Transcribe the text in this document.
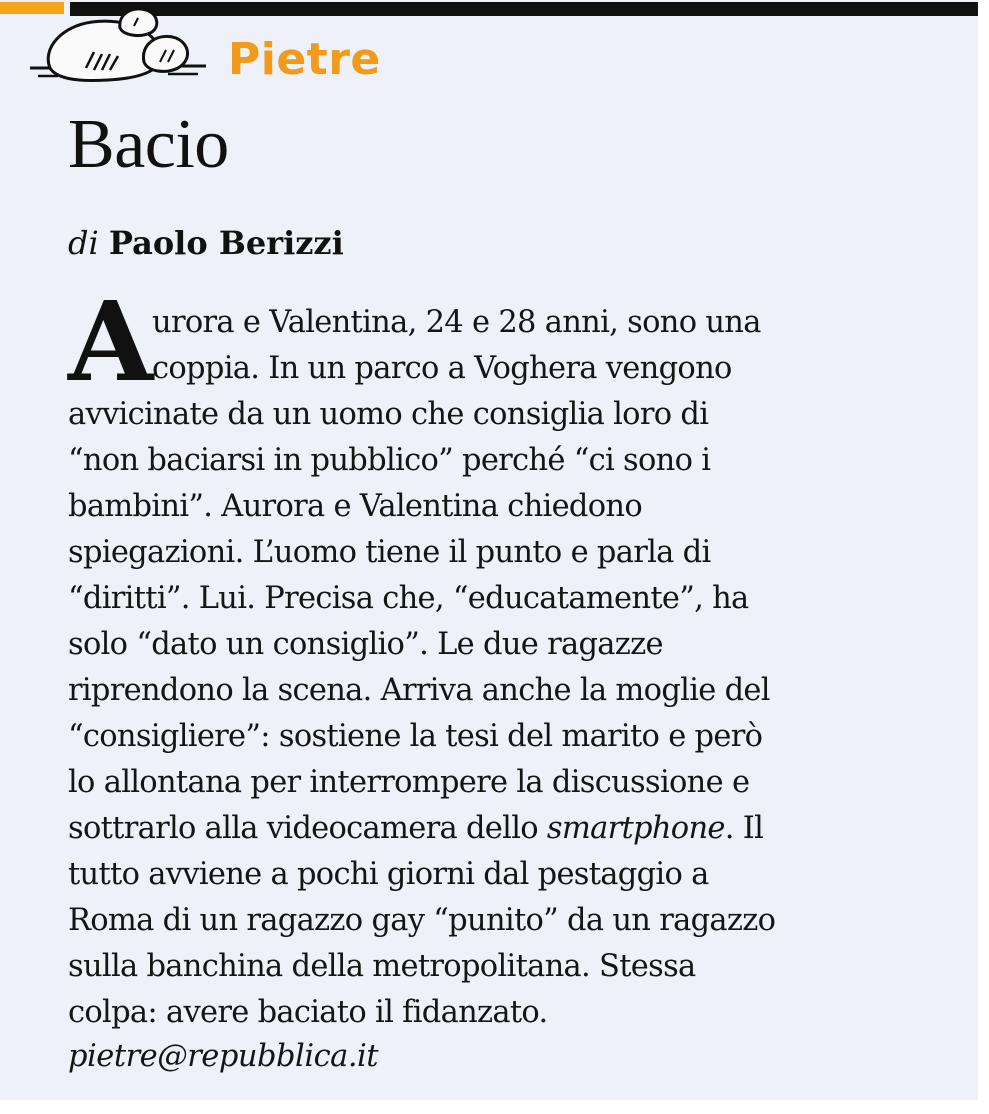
Pietre
Bacio
di Paolo Berizzi
A
urora e Valentina, 24 e 28 anni, sono una
coppia. In un parco a Voghera vengono
avvicinate da un uomo che consiglia loro di
“non baciarsi in pubblico” perché “ci sono i
bambini”. Aurora e Valentina chiedono
spiegazioni. L’uomo tiene il punto e parla di
“diritti”. Lui. Precisa che, “educatamente”, ha
solo “dato un consiglio”. Le due ragazze
riprendono la scena. Arriva anche la moglie del
“consigliere”: sostiene la tesi del marito e però
lo allontana per interrompere la discussione e
sottrarlo alla videocamera dello smartphone. Il
tutto avviene a pochi giorni dal pestaggio a
Roma di un ragazzo gay “punito” da un ragazzo
sulla banchina della metropolitana. Stessa
colpa: avere baciato il fidanzato.
pietre@repubblica.it
